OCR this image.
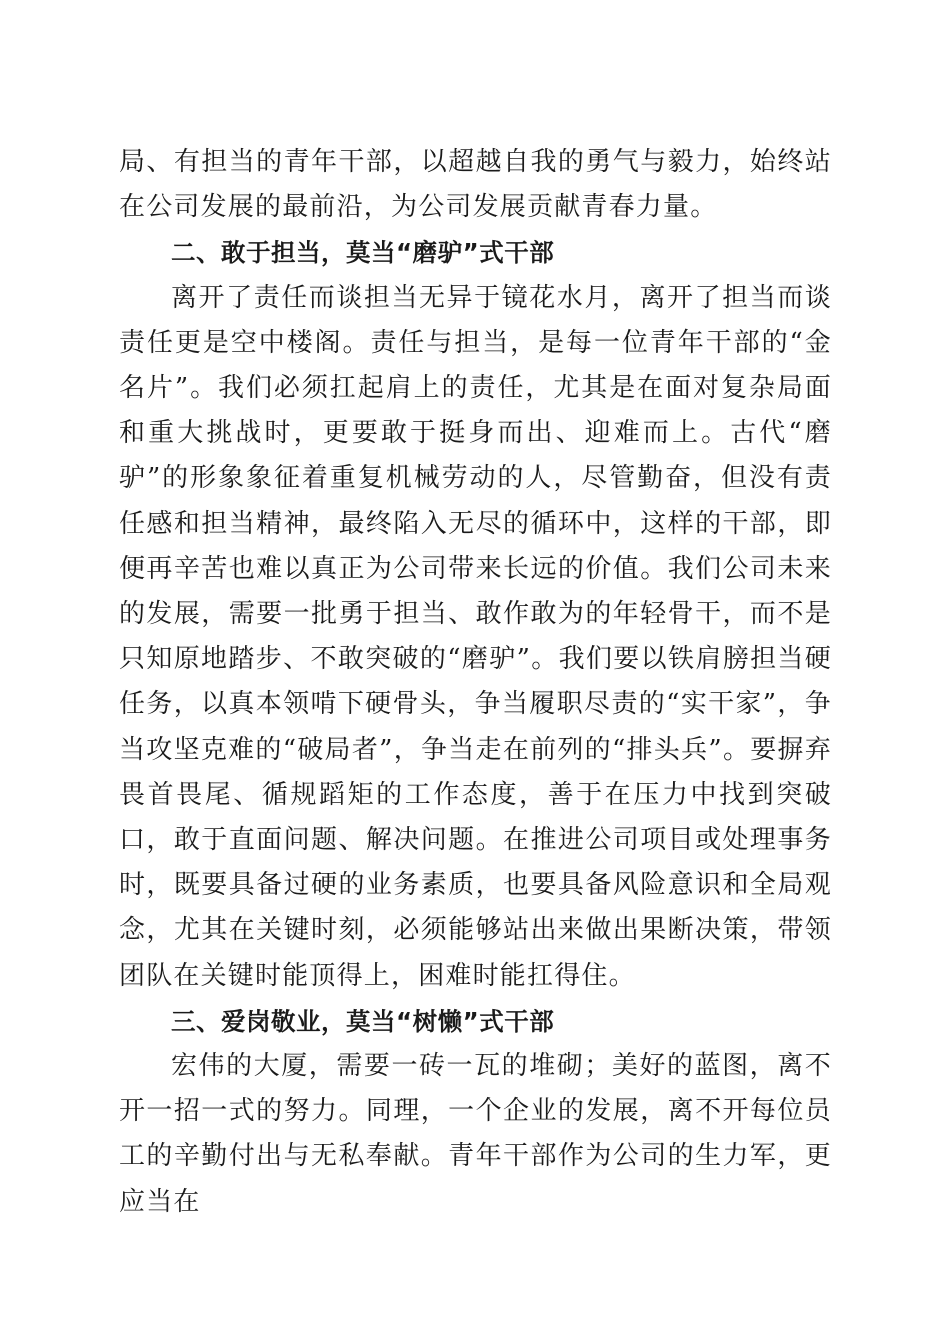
局、有担当的青年干部，以超越自我的勇气与毅力，始终站在公司发展的最前沿，为公司发展贡献青春力量。

二、敢于担当，莫当“磨驴”式干部

离开了责任而谈担当无异于镜花水月，离开了担当而谈责任更是空中楼阁。责任与担当，是每一位青年干部的“金名片”。我们必须扛起肩上的责任，尤其是在面对复杂局面和重大挑战时，更要敢于挺身而出、迎难而上。古代“磨驴”的形象象征着重复机械劳动的人，尽管勤奋，但没有责任感和担当精神，最终陷入无尽的循环中，这样的干部，即便再辛苦也难以真正为公司带来长远的价值。我们公司未来的发展，需要一批勇于担当、敢作敢为的年轻骨干，而不是只知原地踏步、不敢突破的“磨驴”。我们要以铁肩膀担当硬任务，以真本领啃下硬骨头，争当履职尽责的“实干家”，争当攻坚克难的“破局者”，争当走在前列的“排头兵”。要摒弃畏首畏尾、循规蹈矩的工作态度，善于在压力中找到突破口，敢于直面问题、解决问题。在推进公司项目或处理事务时，既要具备过硬的业务素质，也要具备风险意识和全局观念，尤其在关键时刻，必须能够站出来做出果断决策，带领团队在关键时能顶得上，困难时能扛得住。

三、爱岗敬业，莫当“树懒”式干部

宏伟的大厦，需要一砖一瓦的堆砌；美好的蓝图，离不开一招一式的努力。同理，一个企业的发展，离不开每位员工的辛勤付出与无私奉献。青年干部作为公司的生力军，更应当在
